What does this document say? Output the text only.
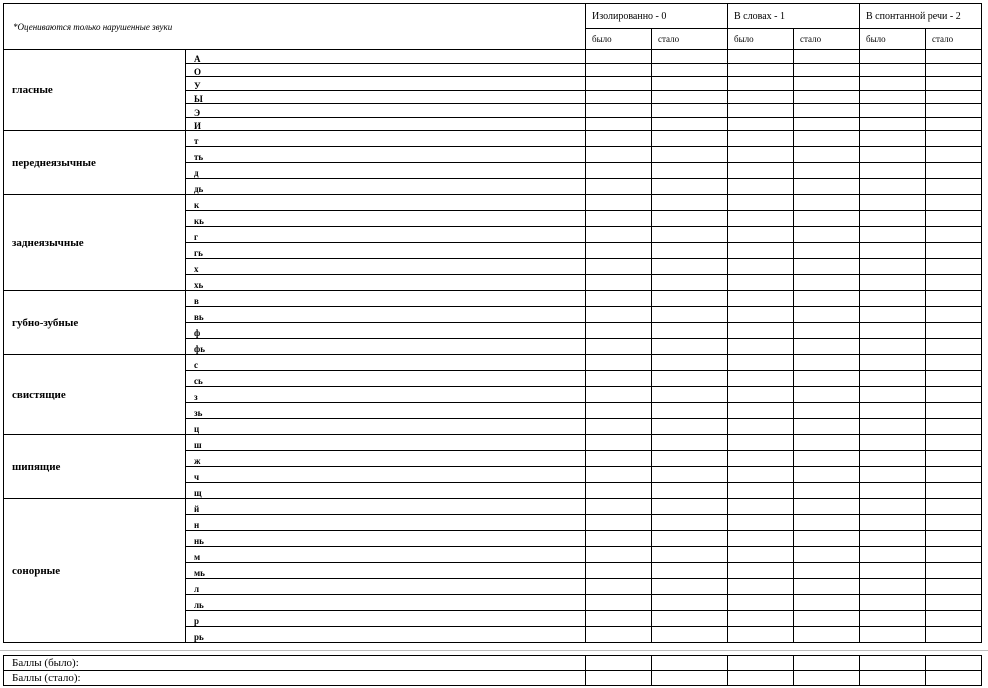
*Оцениваются только нарушенные звуки		Изолированно - 0		В словах - 1		В спонтанной речи - 2	
		было	стало	было	стало	было	стало
гласные	А						
	О						
	У						
	Ы						
	Э						
	И						
переднеязычные	т						
	ть						
	д						
	дь						
заднеязычные	к						
	кь						
	г						
	гь						
	х						
	хь						
губно-зубные	в						
	вь						
	ф						
	фь						
свистящие	с						
	сь						
	з						
	зь						
	ц						
шипящие	ш						
	ж						
	ч						
	щ						
сонорные	й						
	н						
	нь						
	м						
	мь						
	л						
	ль						
	р						
	рь						
Баллы (было):						
Баллы (стало):						
